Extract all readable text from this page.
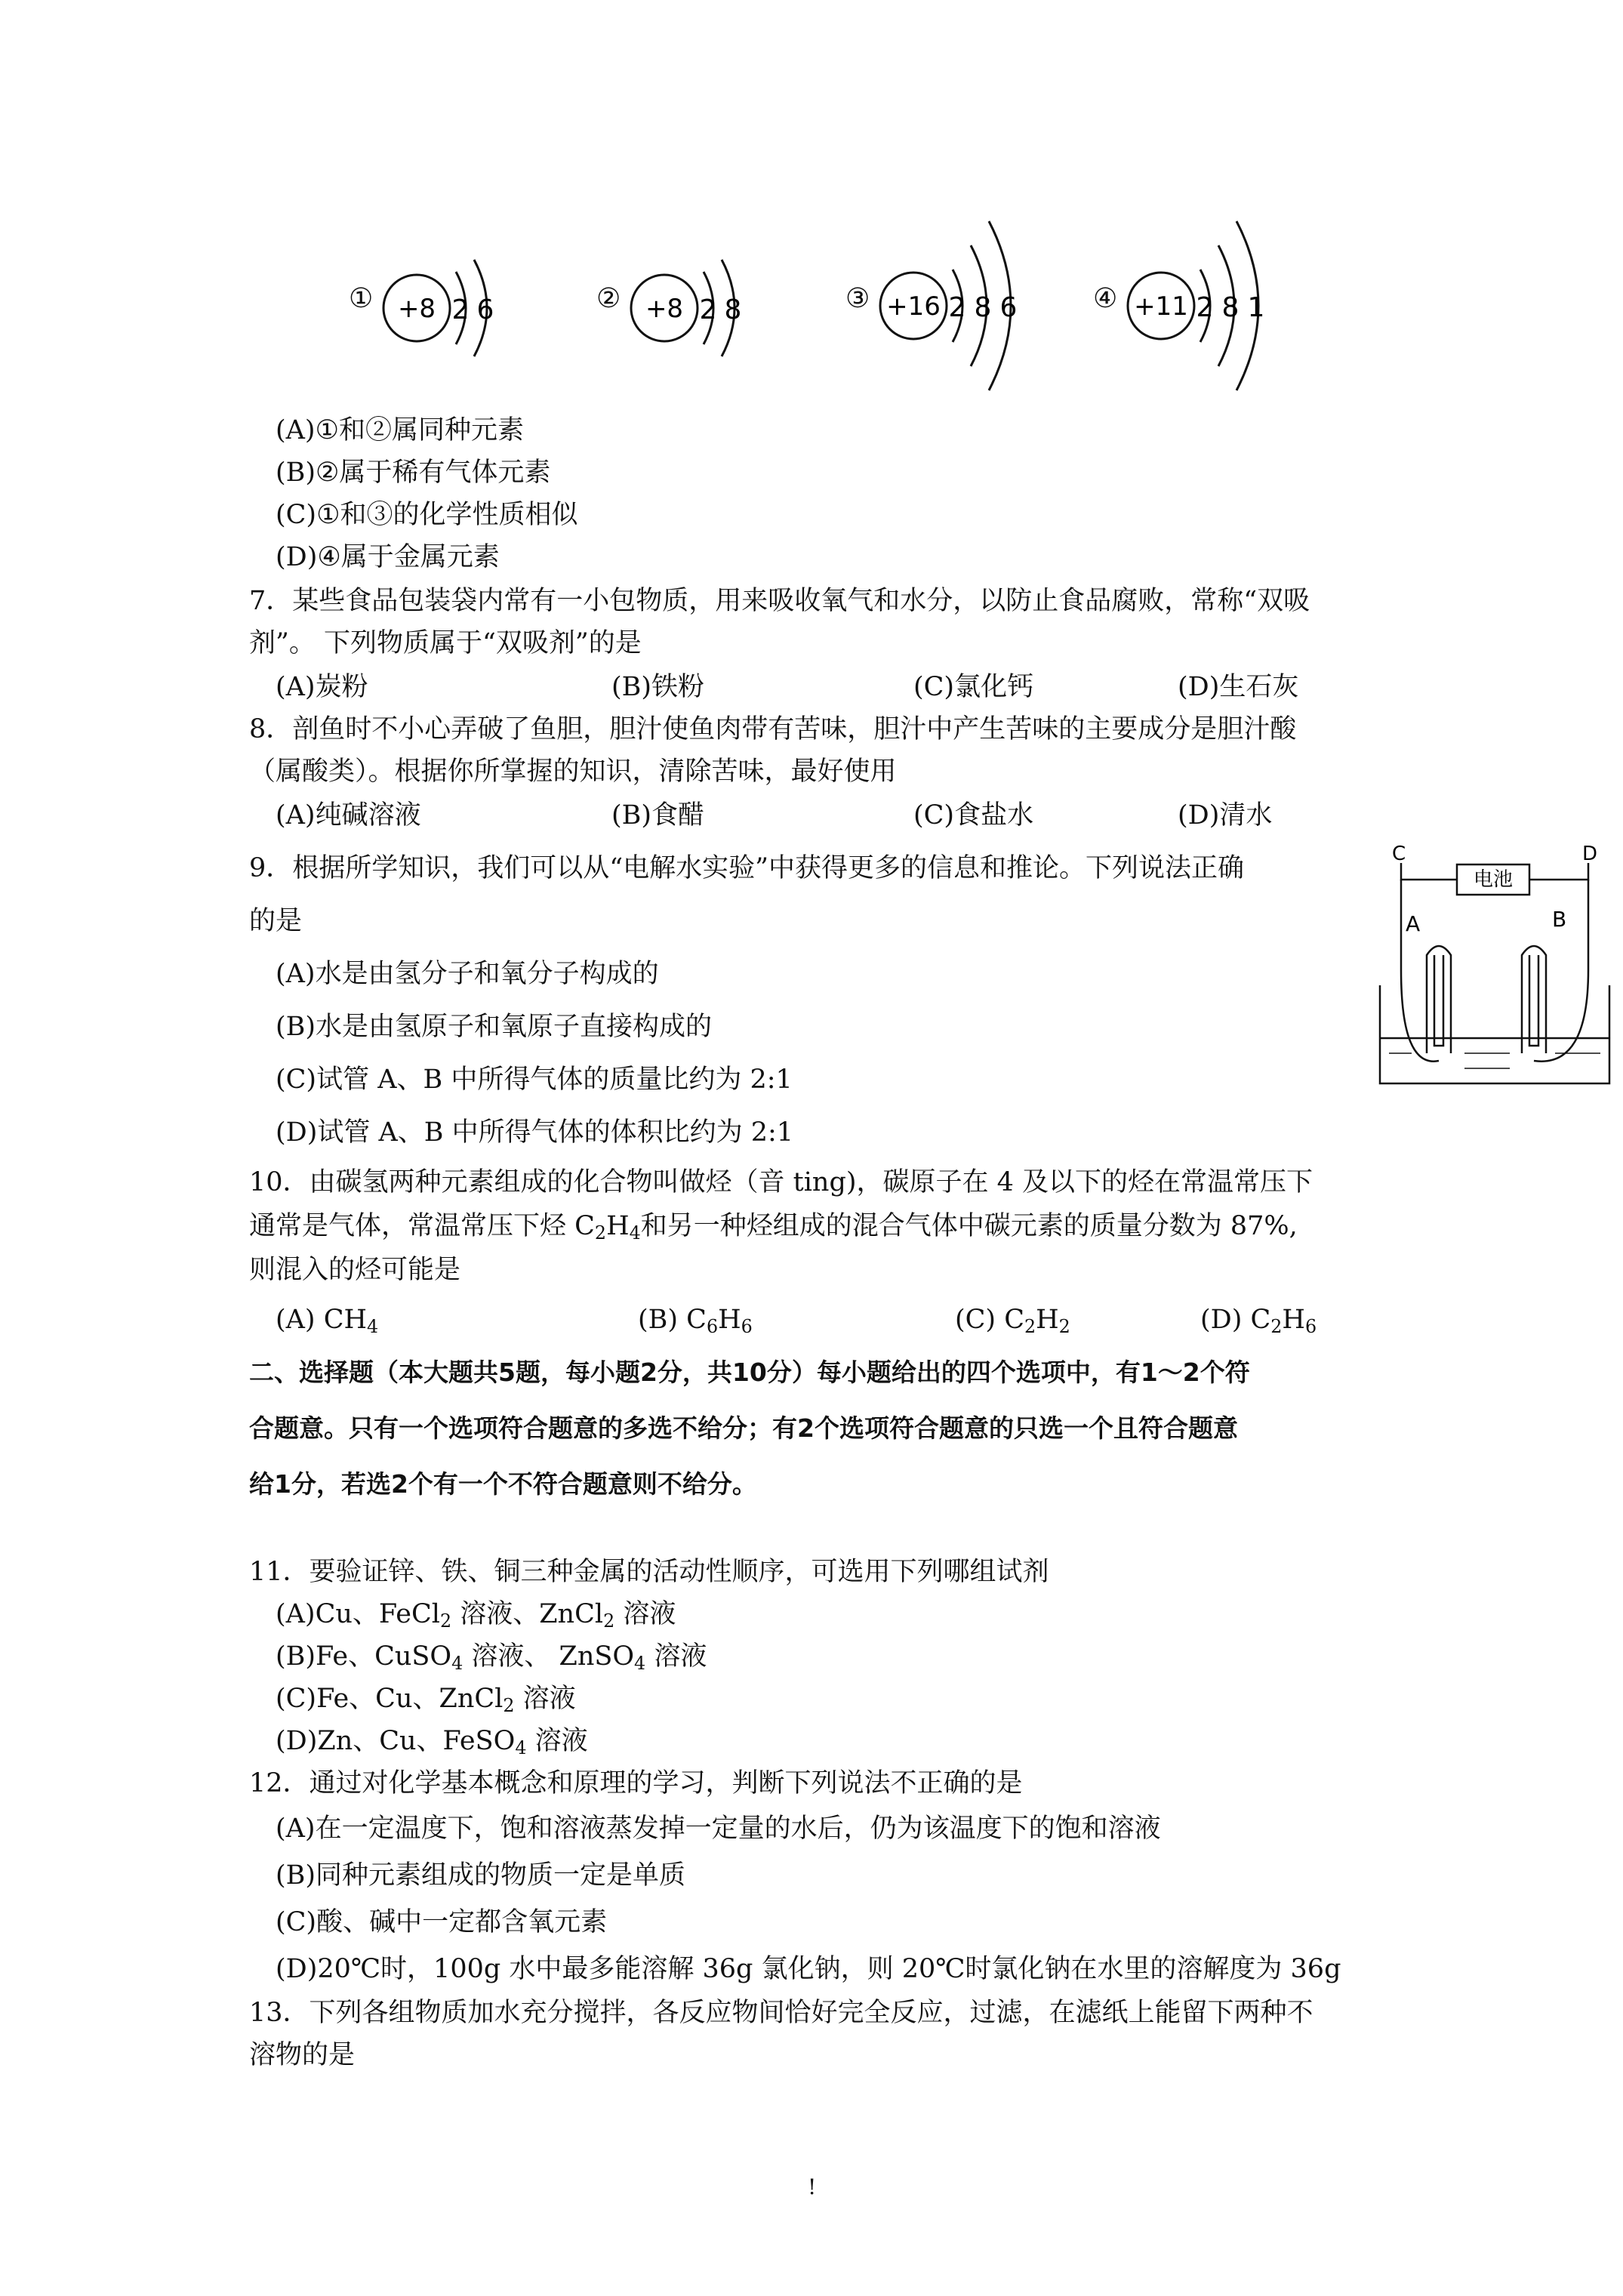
① +8 2 6	② +8 2 8	③ +16 2 8 6	④ +11 2 8 1
(A)①和②属同种元素
(B)②属于稀有气体元素
(C)①和③的化学性质相似
(D)④属于金属元素
7．某些食品包装袋内常有一小包物质，用来吸收氧气和水分，以防止食品腐败，常称“双吸
剂”。 下列物质属于“双吸剂”的是
(A)炭粉	(B)铁粉	(C)氯化钙	(D)生石灰
8．剖鱼时不小心弄破了鱼胆，胆汁使鱼肉带有苦味，胆汁中产生苦味的主要成分是胆汁酸
（属酸类）。根据你所掌握的知识，清除苦味，最好使用
(A)纯碱溶液	(B)食醋	(C)食盐水	(D)清水
9．根据所学知识，我们可以从“电解水实验”中获得更多的信息和推论。下列说法正确
的是
(A)水是由氢分子和氧分子构成的
(B)水是由氢原子和氧原子直接构成的
(C)试管 A、B 中所得气体的质量比约为 2:1
(D)试管 A、B 中所得气体的体积比约为 2:1
电池
C	D
A	B
10．由碳氢两种元素组成的化合物叫做烃（音 ting)，碳原子在 4 及以下的烃在常温常压下
通常是气体，常温常压下烃 $C_2H_4$和另一种烃组成的混合气体中碳元素的质量分数为 87%,
则混入的烃可能是
(A) $CH_4$	(B) $C_6H_6$	(C) $C_2H_2$	(D) $C_2H_6$
二、选择题（本大题共5题，每小题2分，共10分）每小题给出的四个选项中，有1～2个符
合题意。只有一个选项符合题意的多选不给分；有2个选项符合题意的只选一个且符合题意
给1分，若选2个有一个不符合题意则不给分。
11．要验证锌、铁、铜三种金属的活动性顺序，可选用下列哪组试剂
(A)Cu、FeCl$_2$ 溶液、ZnCl$_2$ 溶液
(B)Fe、CuSO$_4$ 溶液、 ZnSO$_4$ 溶液
(C)Fe、Cu、ZnCl$_2$ 溶液
(D)Zn、Cu、FeSO$_4$ 溶液
12．通过对化学基本概念和原理的学习，判断下列说法不正确的是
(A)在一定温度下，饱和溶液蒸发掉一定量的水后，仍为该温度下的饱和溶液
(B)同种元素组成的物质一定是单质
(C)酸、碱中一定都含氧元素
(D)20℃时，100g 水中最多能溶解 36g 氯化钠，则 20℃时氯化钠在水里的溶解度为 36g
13．下列各组物质加水充分搅拌，各反应物间恰好完全反应，过滤，在滤纸上能留下两种不
溶物的是
!
